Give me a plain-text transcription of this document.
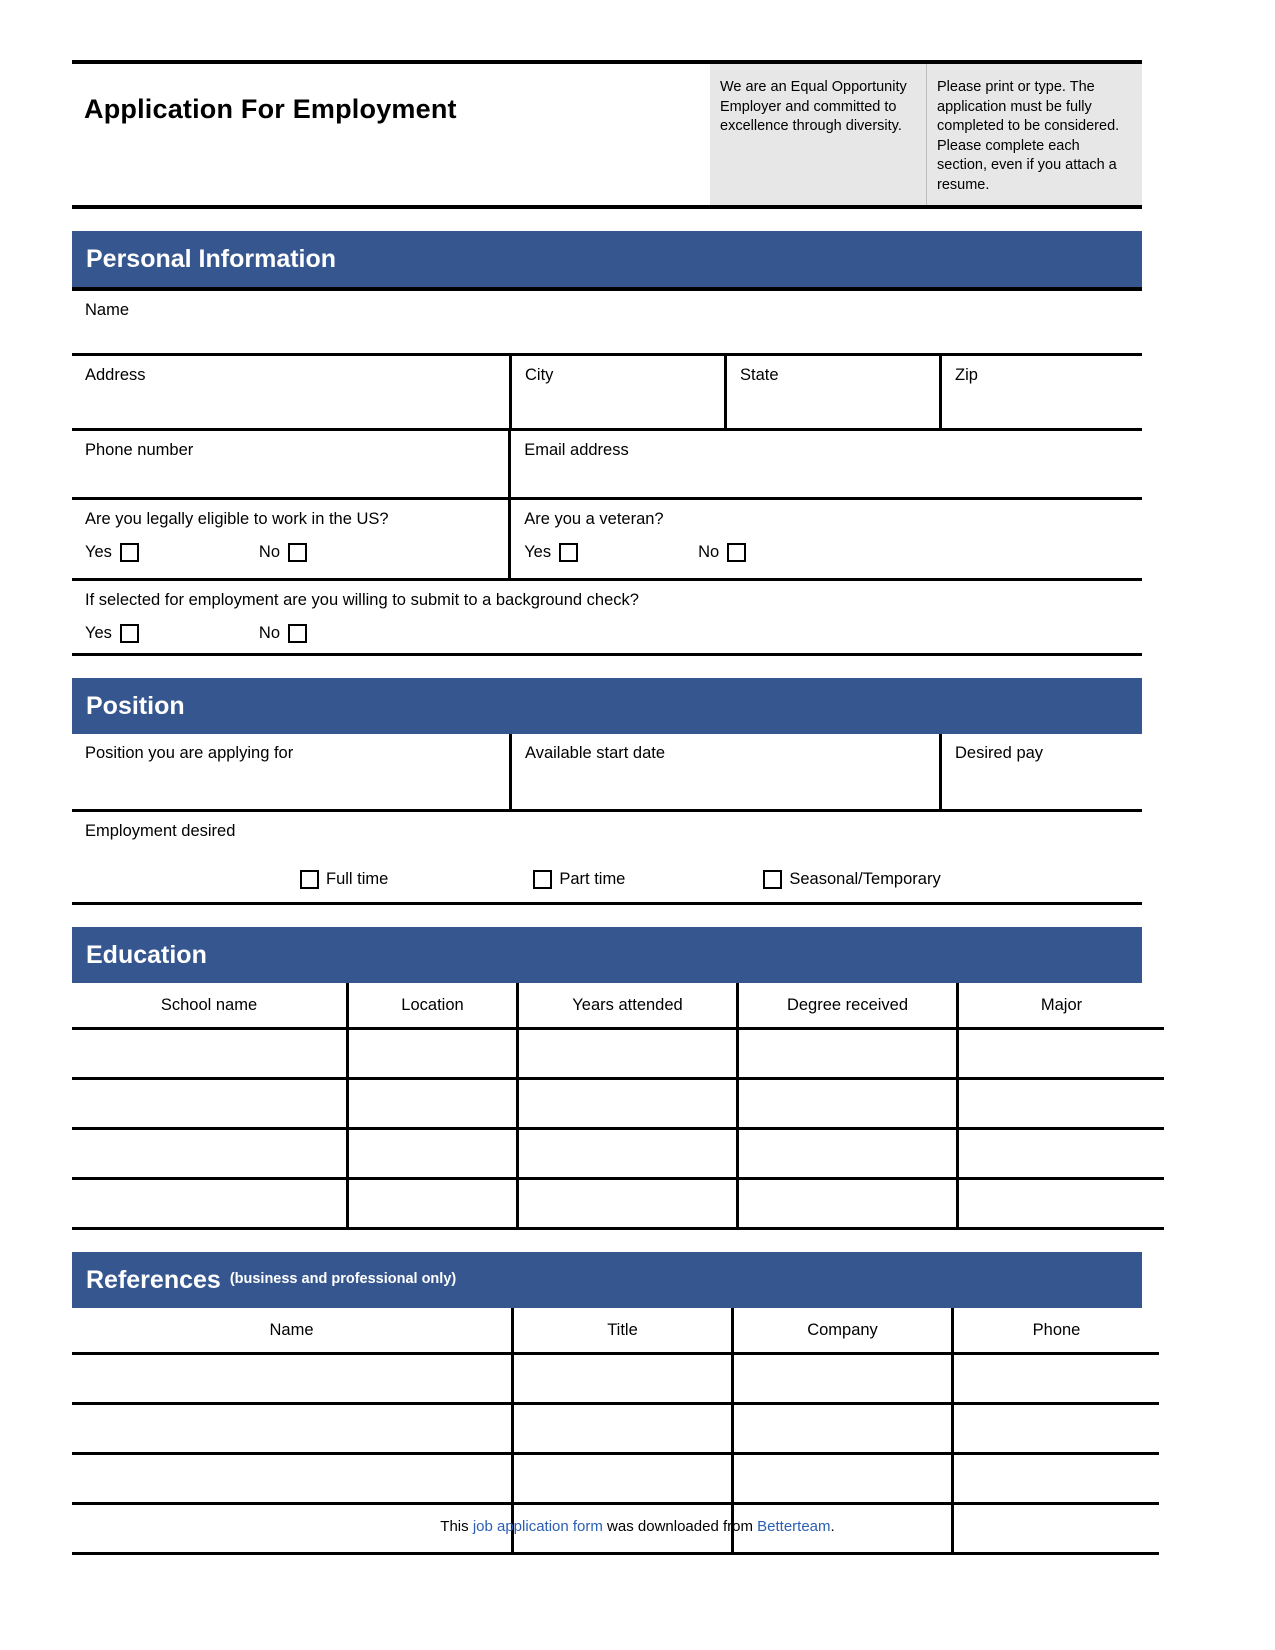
Application For Employment
We are an Equal Opportunity Employer and committed to excellence through diversity.
Please print or type. The application must be fully completed to be considered. Please complete each section, even if you attach a resume.
Personal Information
Name
Address	City	State	Zip
Phone number	Email address
Are you legally eligible to work in the US?
Yes	No
Are you a veteran?
Yes	No
If selected for employment are you willing to submit to a background check?
Yes	No
Position
Position you are applying for	Available start date	Desired pay
Employment desired
Full time	Part time	Seasonal/Temporary
Education
School name	Location	Years attended	Degree received	Major

References (business and professional only)
Name	Title	Company	Phone

This job application form was downloaded from Betterteam.
